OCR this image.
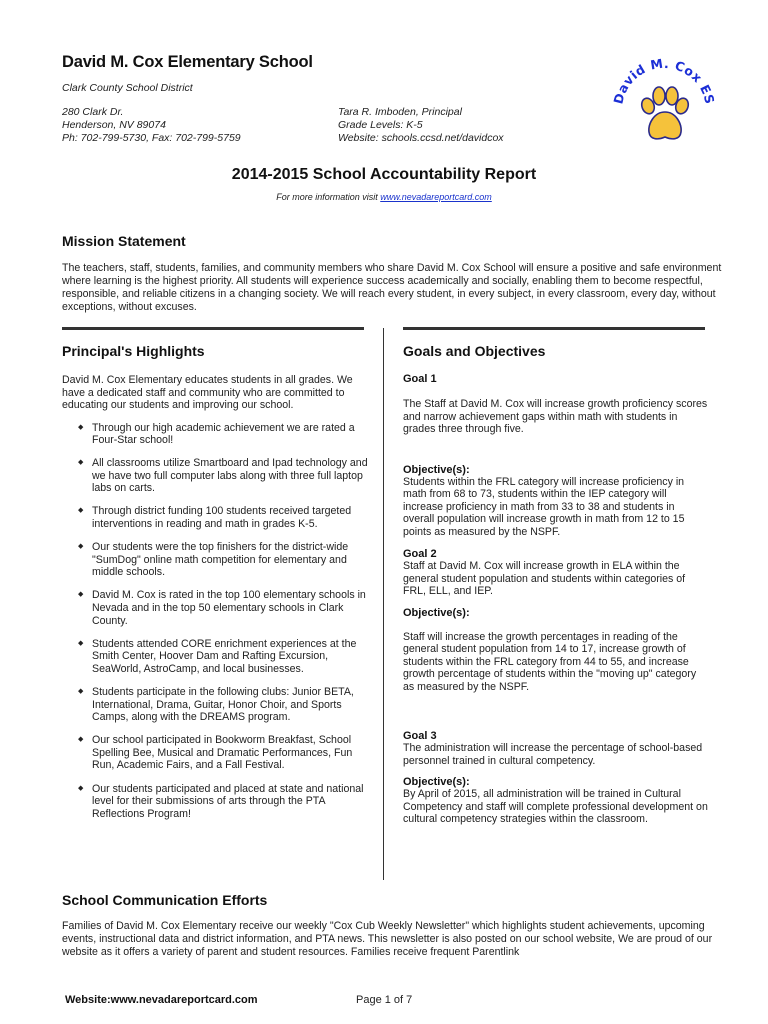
David M. Cox Elementary School
Clark County School District
280 Clark Dr.
Henderson, NV 89074
Ph: 702-799-5730, Fax: 702-799-5759
Tara R. Imboden, Principal
Grade Levels: K-5
Website: schools.ccsd.net/davidcox
David M. Cox ES
2014-2015 School Accountability Report
For more information visit www.nevadareportcard.com
Mission Statement
The teachers, staff, students, families, and community members who share David M. Cox School will ensure a positive and safe environment where learning is the highest priority. All students will experience success academically and socially, enabling them to become respectful, responsible, and reliable citizens in a changing society. We will reach every student, in every subject, in every classroom, every day, without exceptions, without excuses.
Principal's Highlights
David M. Cox Elementary educates students in all grades. We have a dedicated staff and community who are committed to educating our students and improving our school.
◆ Through our high academic achievement we are rated a Four-Star school!
◆ All classrooms utilize Smartboard and Ipad technology and we have two full computer labs along with three full laptop labs on carts.
◆ Through district funding 100 students received targeted interventions in reading and math in grades K-5.
◆ Our students were the top finishers for the district-wide "SumDog" online math competition for elementary and middle schools.
◆ David M. Cox is rated in the top 100 elementary schools in Nevada and in the top 50 elementary schools in Clark County.
◆ Students attended CORE enrichment experiences at the Smith Center, Hoover Dam and Rafting Excursion, SeaWorld, AstroCamp, and local businesses.
◆ Students participate in the following clubs: Junior BETA, International, Drama, Guitar, Honor Choir, and Sports Camps, along with the DREAMS program.
◆ Our school participated in Bookworm Breakfast, School Spelling Bee, Musical and Dramatic Performances, Fun Run, Academic Fairs, and a Fall Festival.
◆ Our students participated and placed at state and national level for their submissions of arts through the PTA Reflections Program!
Goals and Objectives
Goal 1
The Staff at David M. Cox will increase growth proficiency scores and narrow achievement gaps within math with students in grades three through five.
Objective(s):
Students within the FRL category will increase proficiency in math from 68 to 73, students within the IEP category will increase proficiency in math from 33 to 38 and students in overall population will increase growth in math from 12 to 15 points as measured by the NSPF.
Goal 2
Staff at David M. Cox will increase growth in ELA within the general student population and students within categories of FRL, ELL, and IEP.
Objective(s):
Staff will increase the growth percentages in reading of the general student population from 14 to 17, increase growth of students within the FRL category from 44 to 55, and increase growth percentage of students within the "moving up" category as measured by the NSPF.
Goal 3
The administration will increase the percentage of school-based personnel trained in cultural competency.
Objective(s):
By April of 2015, all administration will be trained in Cultural Competency and staff will complete professional development on cultural competency strategies within the classroom.
School Communication Efforts
Families of David M. Cox Elementary receive our weekly "Cox Cub Weekly Newsletter" which highlights student achievements, upcoming events, instructional data and district information, and PTA news. This newsletter is also posted on our school website, We are proud of our website as it offers a variety of parent and student resources. Families receive frequent Parentlink
Website:www.nevadareportcard.com	Page 1 of 7
